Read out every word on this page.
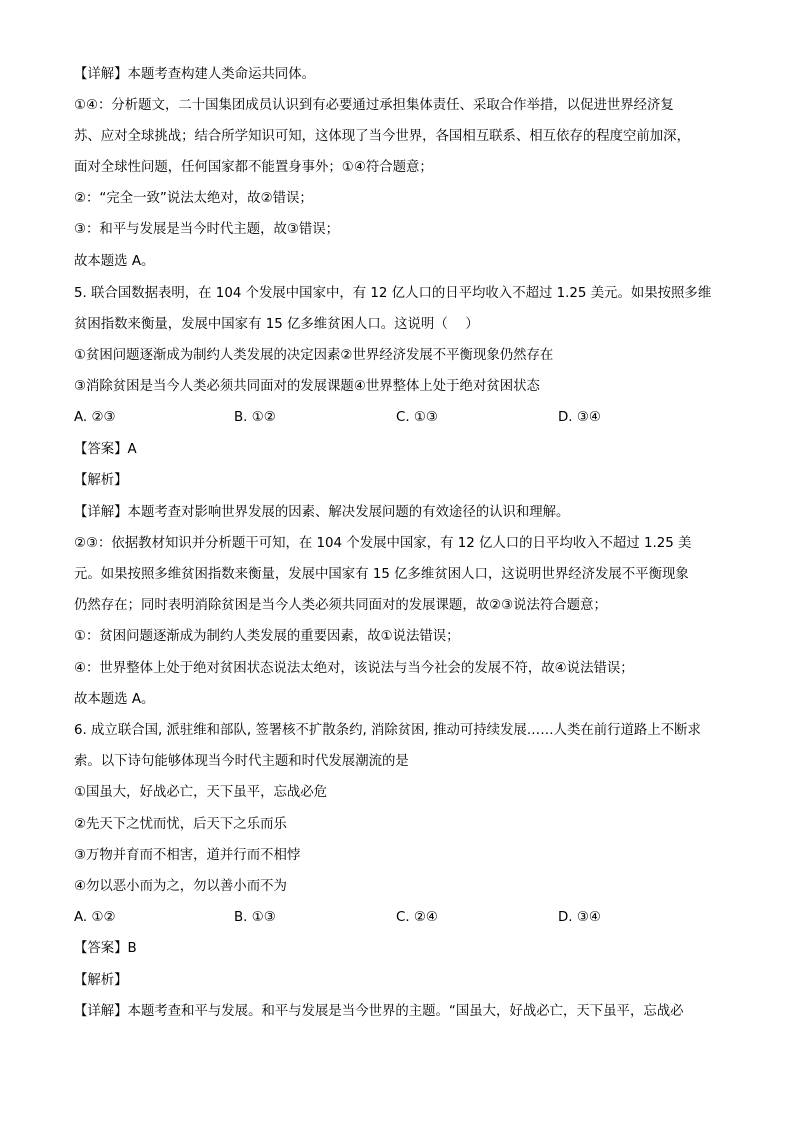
【详解】本题考查构建人类命运共同体。
①④：分析题文，二十国集团成员认识到有必要通过承担集体责任、采取合作举措，以促进世界经济复
苏、应对全球挑战；结合所学知识可知，这体现了当今世界，各国相互联系、相互依存的程度空前加深，
面对全球性问题，任何国家都不能置身事外；①④符合题意；
②：“完全一致”说法太绝对，故②错误；
③：和平与发展是当今时代主题，故③错误；
故本题选 A。
5. 联合国数据表明，在 104 个发展中国家中，有 12 亿人口的日平均收入不超过 1.25 美元。如果按照多维
贫困指数来衡量，发展中国家有 15 亿多维贫困人口。这说明（　 ）
①贫困问题逐渐成为制约人类发展的决定因素②世界经济发展不平衡现象仍然存在
③消除贫困是当今人类必须共同面对的发展课题④世界整体上处于绝对贫困状态
A. ②③	B. ①②	C. ①③	D. ③④
【答案】A
【解析】
【详解】本题考查对影响世界发展的因素、解决发展问题的有效途径的认识和理解。
②③：依据教材知识并分析题干可知，在 104 个发展中国家，有 12 亿人口的日平均收入不超过 1.25 美
元。如果按照多维贫困指数来衡量，发展中国家有 15 亿多维贫困人口，这说明世界经济发展不平衡现象
仍然存在；同时表明消除贫困是当今人类必须共同面对的发展课题，故②③说法符合题意；
①：贫困问题逐渐成为制约人类发展的重要因素，故①说法错误；
④：世界整体上处于绝对贫困状态说法太绝对，该说法与当今社会的发展不符，故④说法错误；
故本题选 A。
6. 成立联合国, 派驻维和部队, 签署核不扩散条约, 消除贫困, 推动可持续发展……人类在前行道路上不断求
索。以下诗句能够体现当今时代主题和时代发展潮流的是
①国虽大，好战必亡，天下虽平，忘战必危
②先天下之忧而忧，后天下之乐而乐
③万物并育而不相害，道并行而不相悖
④勿以恶小而为之，勿以善小而不为
A. ①②	B. ①③	C. ②④	D. ③④
【答案】B
【解析】
【详解】本题考查和平与发展。和平与发展是当今世界的主题。“国虽大，好战必亡，天下虽平，忘战必
